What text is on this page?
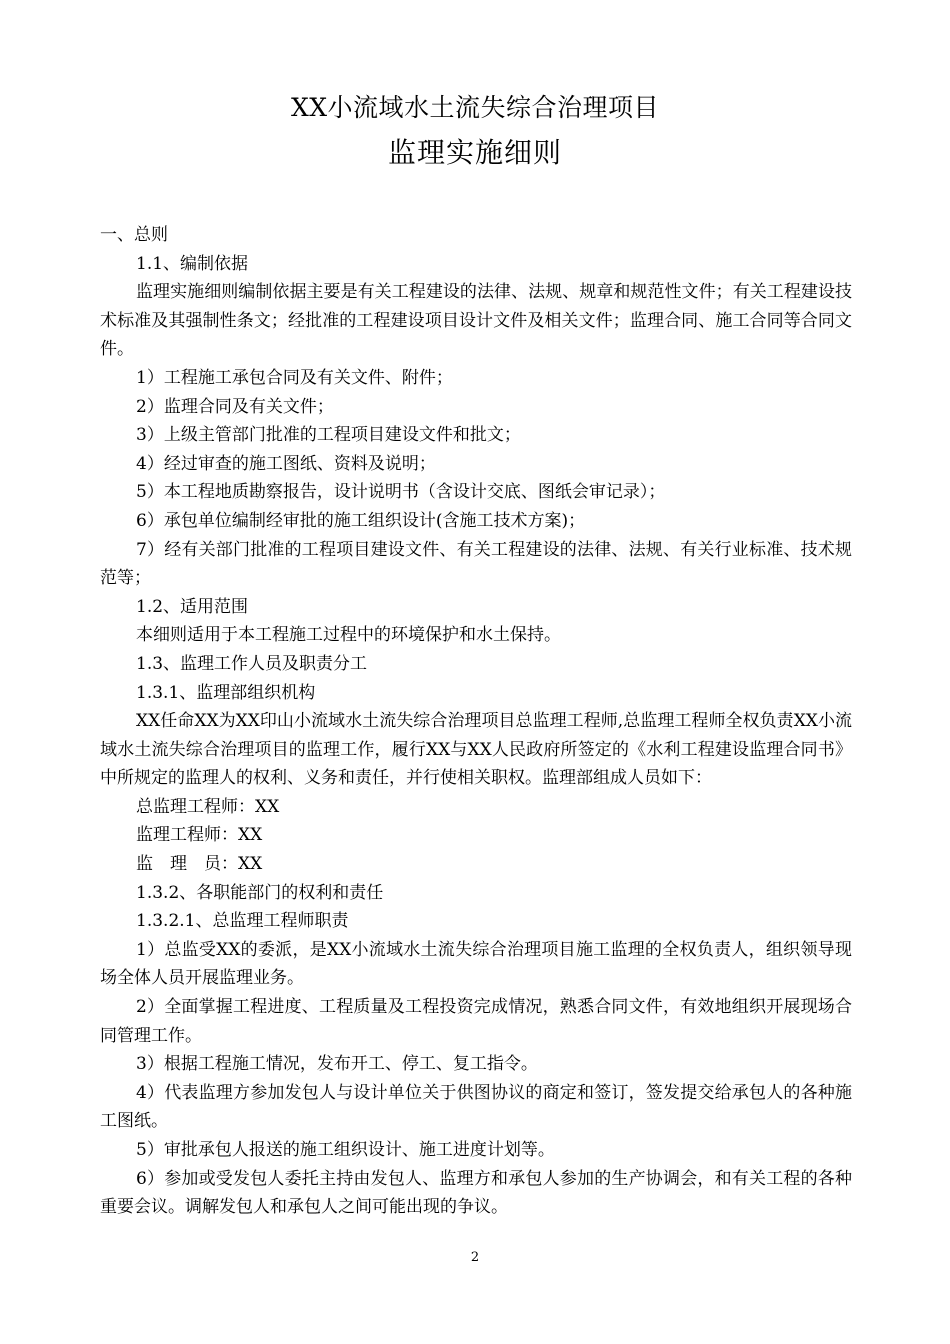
XX小流域水土流失综合治理项目
监理实施细则

一、总则

1.1、编制依据

监理实施细则编制依据主要是有关工程建设的法律、法规、规章和规范性文件；有关工程建设技术标准及其强制性条文；经批准的工程建设项目设计文件及相关文件；监理合同、施工合同等合同文件。

1）工程施工承包合同及有关文件、附件；

2）监理合同及有关文件；

3）上级主管部门批准的工程项目建设文件和批文；

4）经过审查的施工图纸、资料及说明；

5）本工程地质勘察报告，设计说明书（含设计交底、图纸会审记录）；

6）承包单位编制经审批的施工组织设计(含施工技术方案)；

7）经有关部门批准的工程项目建设文件、有关工程建设的法律、法规、有关行业标准、技术规范等；

1.2、适用范围

本细则适用于本工程施工过程中的环境保护和水土保持。

1.3、监理工作人员及职责分工

1.3.1、监理部组织机构

XX任命XX为XX印山小流域水土流失综合治理项目总监理工程师,总监理工程师全权负责XX小流域水土流失综合治理项目的监理工作，履行XX与XX人民政府所签定的《水利工程建设监理合同书》中所规定的监理人的权利、义务和责任，并行使相关职权。监理部组成人员如下：

总监理工程师：XX

监理工程师：XX

监　理　员：XX

1.3.2、各职能部门的权利和责任

1.3.2.1、总监理工程师职责

1）总监受XX的委派，是XX小流域水土流失综合治理项目施工监理的全权负责人，组织领导现场全体人员开展监理业务。

2）全面掌握工程进度、工程质量及工程投资完成情况，熟悉合同文件，有效地组织开展现场合同管理工作。

3）根据工程施工情况，发布开工、停工、复工指令。

4）代表监理方参加发包人与设计单位关于供图协议的商定和签订，签发提交给承包人的各种施工图纸。

5）审批承包人报送的施工组织设计、施工进度计划等。

6）参加或受发包人委托主持由发包人、监理方和承包人参加的生产协调会，和有关工程的各种重要会议。调解发包人和承包人之间可能出现的争议。

2
